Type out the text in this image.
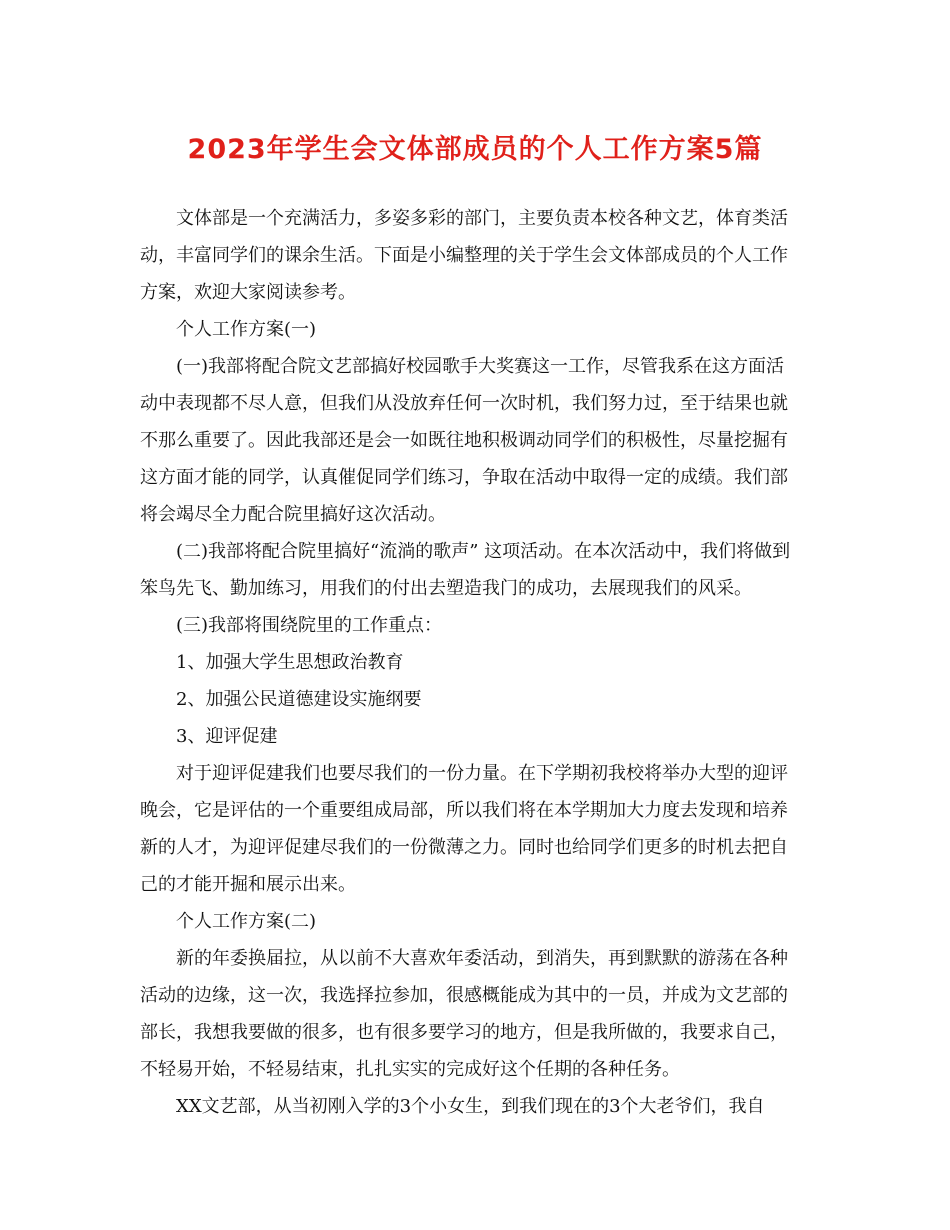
2023年学生会文体部成员的个人工作方案5篇

文体部是一个充满活力，多姿多彩的部门，主要负责本校各种文艺，体育类活动，丰富同学们的课余生活。下面是小编整理的关于学生会文体部成员的个人工作方案，欢迎大家阅读参考。

个人工作方案(一)

(一)我部将配合院文艺部搞好校园歌手大奖赛这一工作，尽管我系在这方面活动中表现都不尽人意，但我们从没放弃任何一次时机，我们努力过，至于结果也就不那么重要了。因此我部还是会一如既往地积极调动同学们的积极性，尽量挖掘有这方面才能的同学，认真催促同学们练习，争取在活动中取得一定的成绩。我们部将会竭尽全力配合院里搞好这次活动。

(二)我部将配合院里搞好“流淌的歌声” 这项活动。在本次活动中，我们将做到笨鸟先飞、勤加练习，用我们的付出去塑造我门的成功，去展现我们的风采。

(三)我部将围绕院里的工作重点：

1、加强大学生思想政治教育

2、加强公民道德建设实施纲要

3、迎评促建

对于迎评促建我们也要尽我们的一份力量。在下学期初我校将举办大型的迎评晚会，它是评估的一个重要组成局部，所以我们将在本学期加大力度去发现和培养新的人才，为迎评促建尽我们的一份微薄之力。同时也给同学们更多的时机去把自己的才能开掘和展示出来。

个人工作方案(二)

新的年委换届拉，从以前不大喜欢年委活动，到消失，再到默默的游荡在各种活动的边缘，这一次，我选择拉参加，很感概能成为其中的一员，并成为文艺部的部长，我想我要做的很多，也有很多要学习的地方，但是我所做的，我要求自己，不轻易开始，不轻易结束，扎扎实实的完成好这个任期的各种任务。

XX文艺部，从当初刚入学的3个小女生，到我们现在的3个大老爷们，我自
